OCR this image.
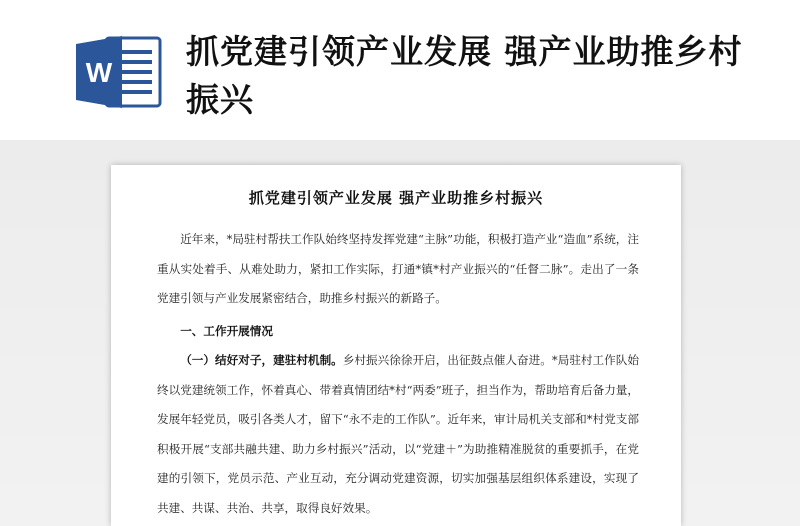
W
抓党建引领产业发展 强产业助推乡村振兴
抓党建引领产业发展 强产业助推乡村振兴

近年来，*局驻村帮扶工作队始终坚持发挥党建“主脉”功能，积极打造产业“造血”系统，注重从实处着手、从难处助力，紧扣工作实际，打通*镇*村产业振兴的“任督二脉”。走出了一条党建引领与产业发展紧密结合，助推乡村振兴的新路子。

一、工作开展情况

（一）结好对子，建驻村机制。乡村振兴徐徐开启，出征鼓点催人奋进。*局驻村工作队始终以党建统领工作，怀着真心、带着真情团结*村“两委”班子，担当作为，帮助培育后备力量，发展年轻党员，吸引各类人才，留下“永不走的工作队”。近年来，审计局机关支部和*村党支部积极开展“支部共融共建、助力乡村振兴”活动，以“党建＋”为助推精准脱贫的重要抓手，在党建的引领下，党员示范、产业互动，充分调动党建资源，切实加强基层组织体系建设，实现了共建、共谋、共治、共享，取得良好效果。
